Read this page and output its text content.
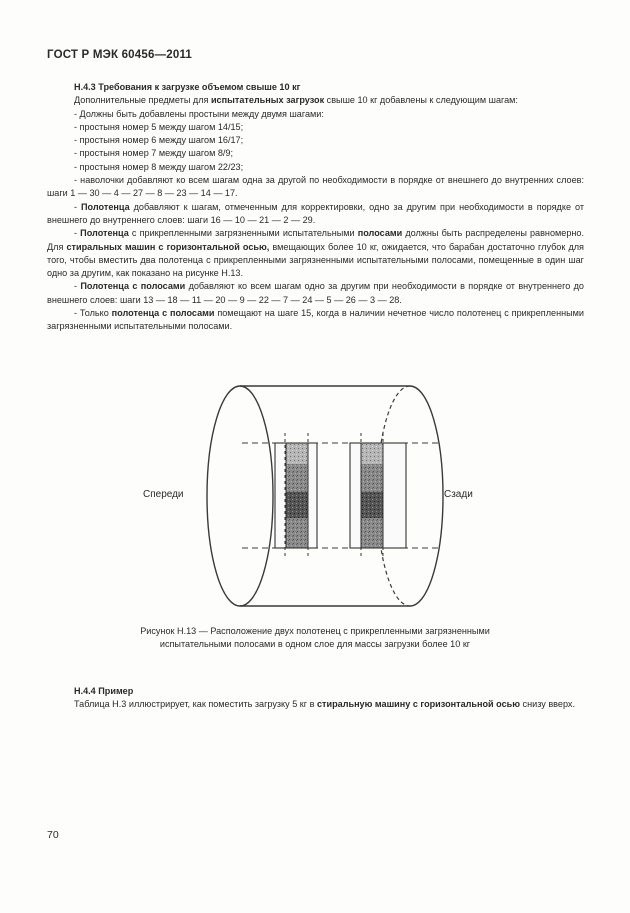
ГОСТ Р МЭК 60456—2011

H.4.3 Требования к загрузке объемом свыше 10 кг

Дополнительные предметы для испытательных загрузок свыше 10 кг добавлены к следующим шагам:

- Должны быть добавлены простыни между двумя шагами:

- простыня номер 5 между шагом 14/15;

- простыня номер 6 между шагом 16/17;

- простыня номер 7 между шагом 8/9;

- простыня номер 8 между шагом 22/23;

- наволочки добавляют ко всем шагам одна за другой по необходимости в порядке от внешнего до внутренних слоев: шаги 1 — 30 — 4 — 27 — 8 — 23 — 14 — 17.

- Полотенца добавляют к шагам, отмеченным для корректировки, одно за другим при необходимости в порядке от внешнего до внутреннего слоев: шаги 16 — 10 — 21 — 2 — 29.

- Полотенца с прикрепленными загрязненными испытательными полосами должны быть распределены равномерно. Для стиральных машин с горизонтальной осью, вмещающих более 10 кг, ожидается, что барабан достаточно глубок для того, чтобы вместить два полотенца с прикрепленными загрязненными испытательными полосами, помещенные в один шаг одно за другим, как показано на рисунке H.13.

- Полотенца с полосами добавляют ко всем шагам одно за другим при необходимости в порядке от внутреннего до внешнего слоев: шаги 13 — 18 — 11 — 20 — 9 — 22 — 7 — 24 — 5 — 26 — 3 — 28.

- Только полотенца с полосами помещают на шаге 15, когда в наличии нечетное число полотенец с прикрепленными загрязненными испытательными полосами.

Спереди	Сзади
Рисунок H.13 — Расположение двух полотенец с прикрепленными загрязненными
испытательными полосами в одном слое для массы загрузки более 10 кг

H.4.4 Пример

Таблица H.3 иллюстрирует, как поместить загрузку 5 кг в стиральную машину с горизонтальной осью снизу вверх.

70
